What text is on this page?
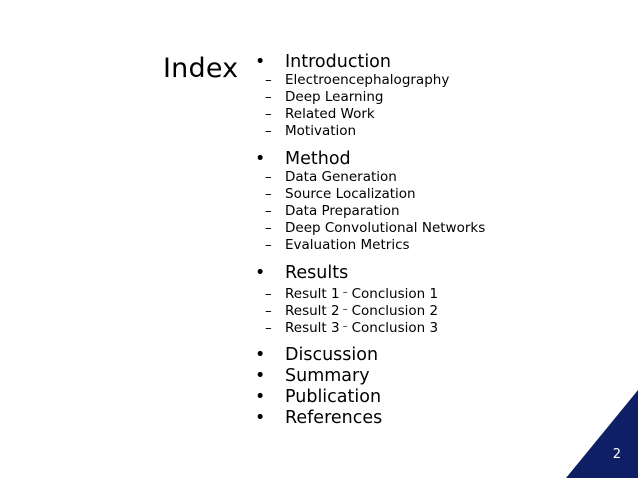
Index • Introduction
– Electroencephalography
– Deep Learning
– Related Work
– Motivation
• Method
– Data Generation
– Source Localization
– Data Preparation
– Deep Convolutional Networks
– Evaluation Metrics
• Results
– Result 1 – Conclusion 1
– Result 2 – Conclusion 2
– Result 3 – Conclusion 3
• Discussion
• Summary
• Publication
• References
2
